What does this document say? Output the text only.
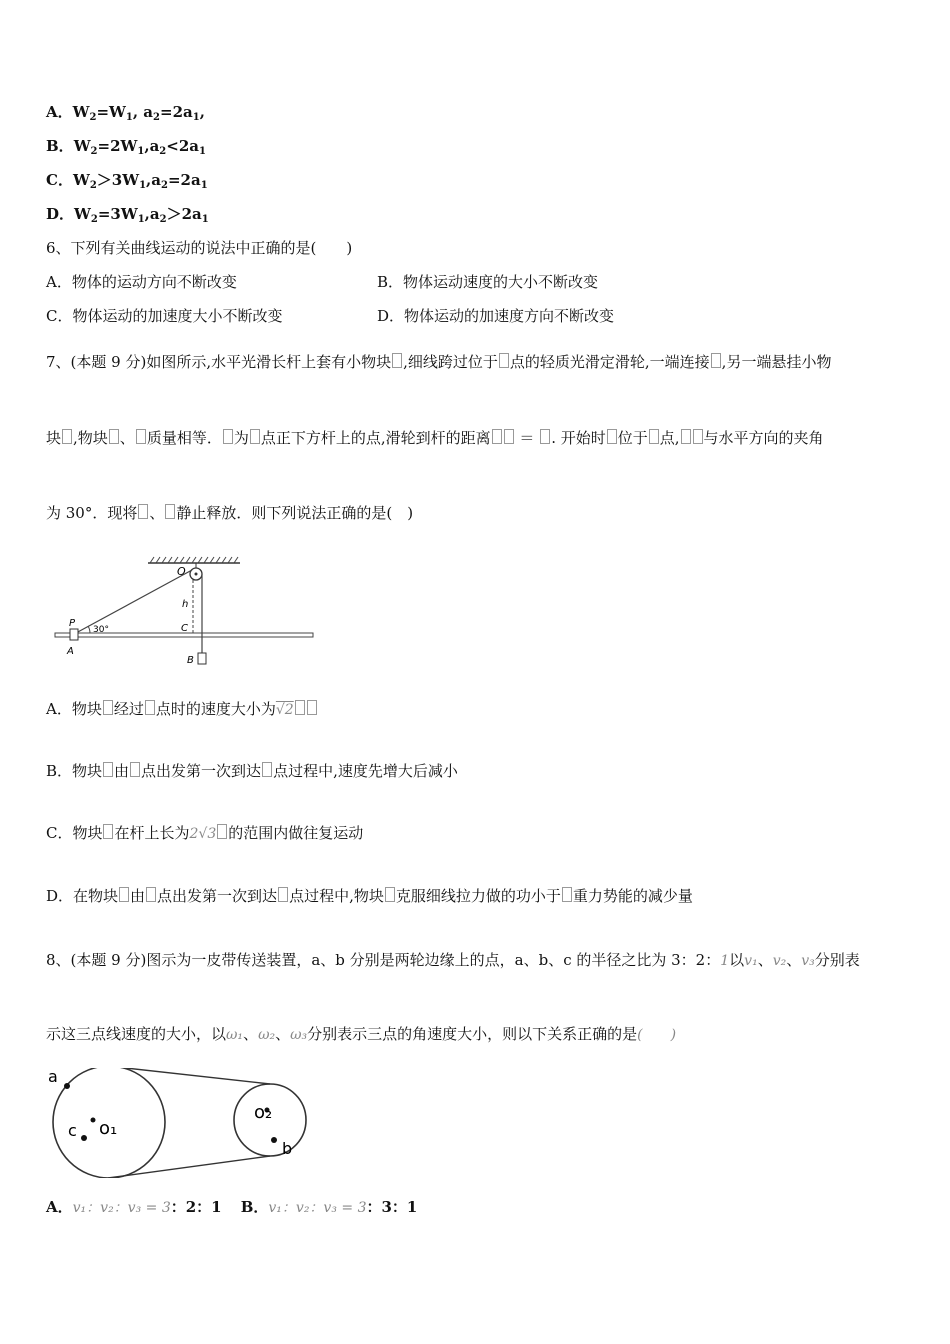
A．$W_2=W_1$, $a_2=2a_1$,
B．$W_2=2W_1,a_2<2a_1$
C．$W_2>3W_1,a_2=2a_1$
D．$W_2=3W_1,a_2>2a_1$
6、下列有关曲线运动的说法中正确的是(　　)
A．物体的运动方向不断改变	B．物体运动速度的大小不断改变
C．物体运动的加速度大小不断改变	D．物体运动的加速度方向不断改变
7、(本题 9 分)如图所示,水平光滑长杆上套有小物块 ,细线跨过位于 点的轻质光滑定滑轮,一端连接 ,另一端悬挂小物
块 ,物块 、 质量相等． 为 点正下方杆上的点,滑轮到杆的距离 ＝ . 开始时 位于 点, 与水平方向的夹角
为 30°．现将 、 静止释放．则下列说法正确的是(　)
O
P
h
C
A
B
30°
A．物块 经过 点时的速度大小为√2
B．物块 由 点出发第一次到达 点过程中,速度先增大后减小
C．物块 在杆上长为2√3 的范围内做往复运动
D．在物块 由 点出发第一次到达 点过程中,物块 克服细线拉力做的功小于 重力势能的减少量
8、(本题 9 分)图示为一皮带传送装置，a、b 分别是两轮边缘上的点，a、b、c 的半径之比为 3：2：1以v₁、v₂、v₃分别表
示这三点线速度的大小，以ω₁、ω₂、ω₃分别表示三点的角速度大小，则以下关系正确的是(　　)
a
c o₁
o₂
b
A．v₁：v₂：v₃ = 3：2：1 B．v₁：v₂：v₃ = 3：3：1
